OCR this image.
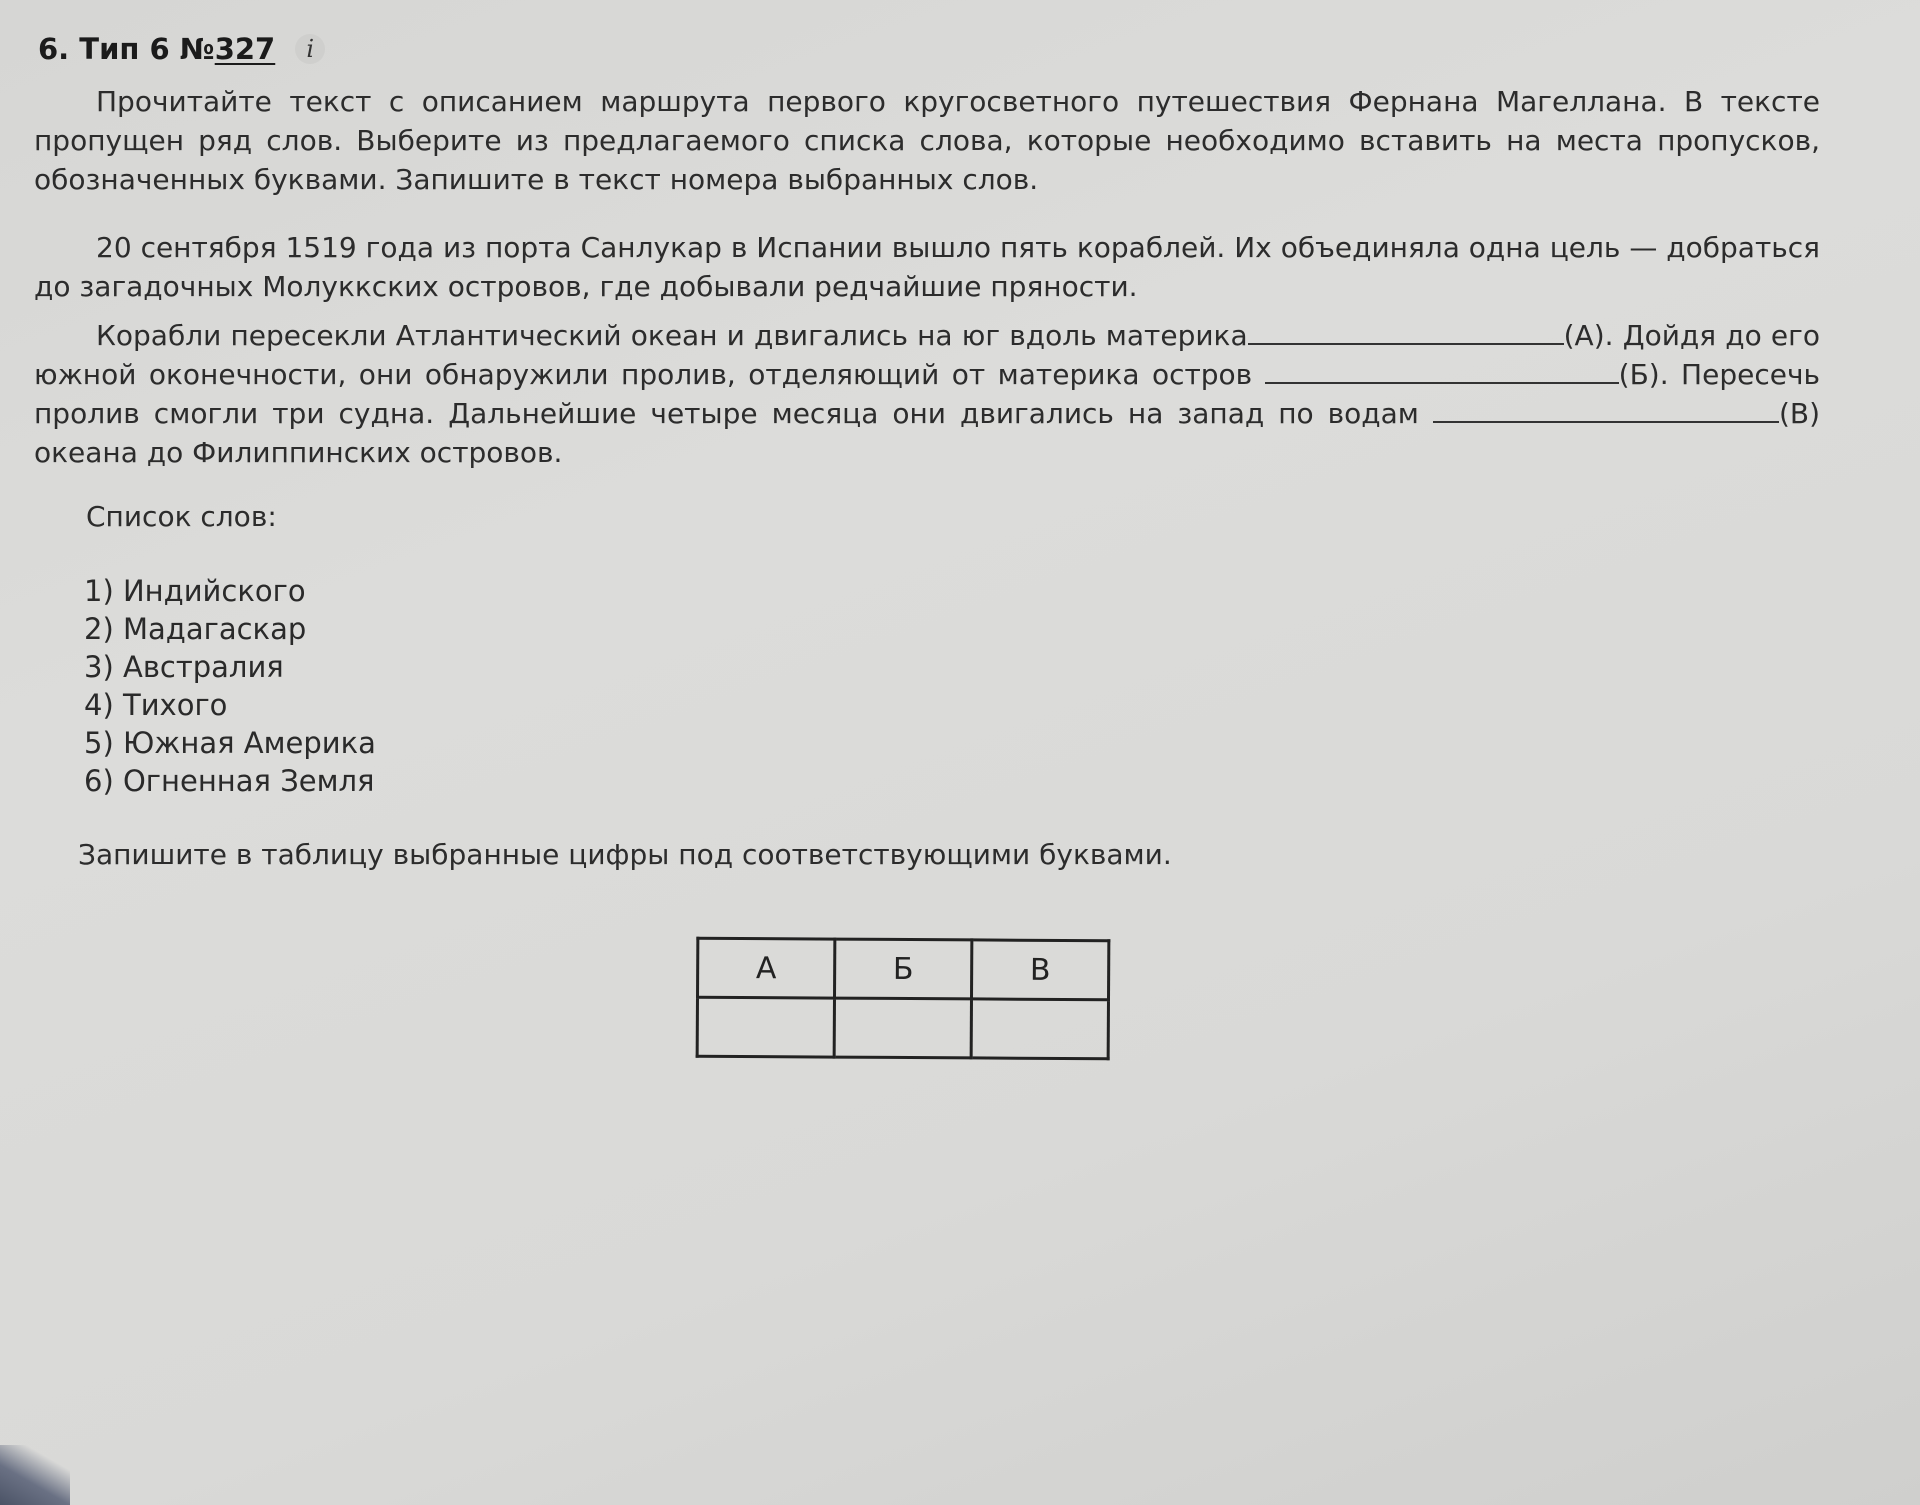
6. Тип 6 № 327	i
Прочитайте текст с описанием маршрута первого кругосветного путешествия Фернана Магеллана. В тексте пропущен ряд слов. Выберите из предлагаемого списка слова, которые необходимо вставить на места пропусков, обозначенных буквами. Запишите в текст номера выбранных слов.
20 сентября 1519 года из порта Санлукар в Испании вышло пять кораблей. Их объединяла одна цель — добраться до загадочных Молуккских островов, где добывали редчайшие пряности.
Корабли пересекли Атлантический океан и двигались на юг вдоль материка	(А). Дойдя до его южной оконечности, они обнаружили пролив, отделяющий от материка остров	(Б). Пересечь пролив смогли три судна. Дальнейшие четыре месяца они двигались на запад по водам	(В) океана до Филиппинских островов.
Список слов:
1) Индийского
2) Мадагаскар
3) Австралия
4) Тихого
5) Южная Америка
6) Огненная Земля
Запишите в таблицу выбранные цифры под соответствующими буквами.
А	Б	В
